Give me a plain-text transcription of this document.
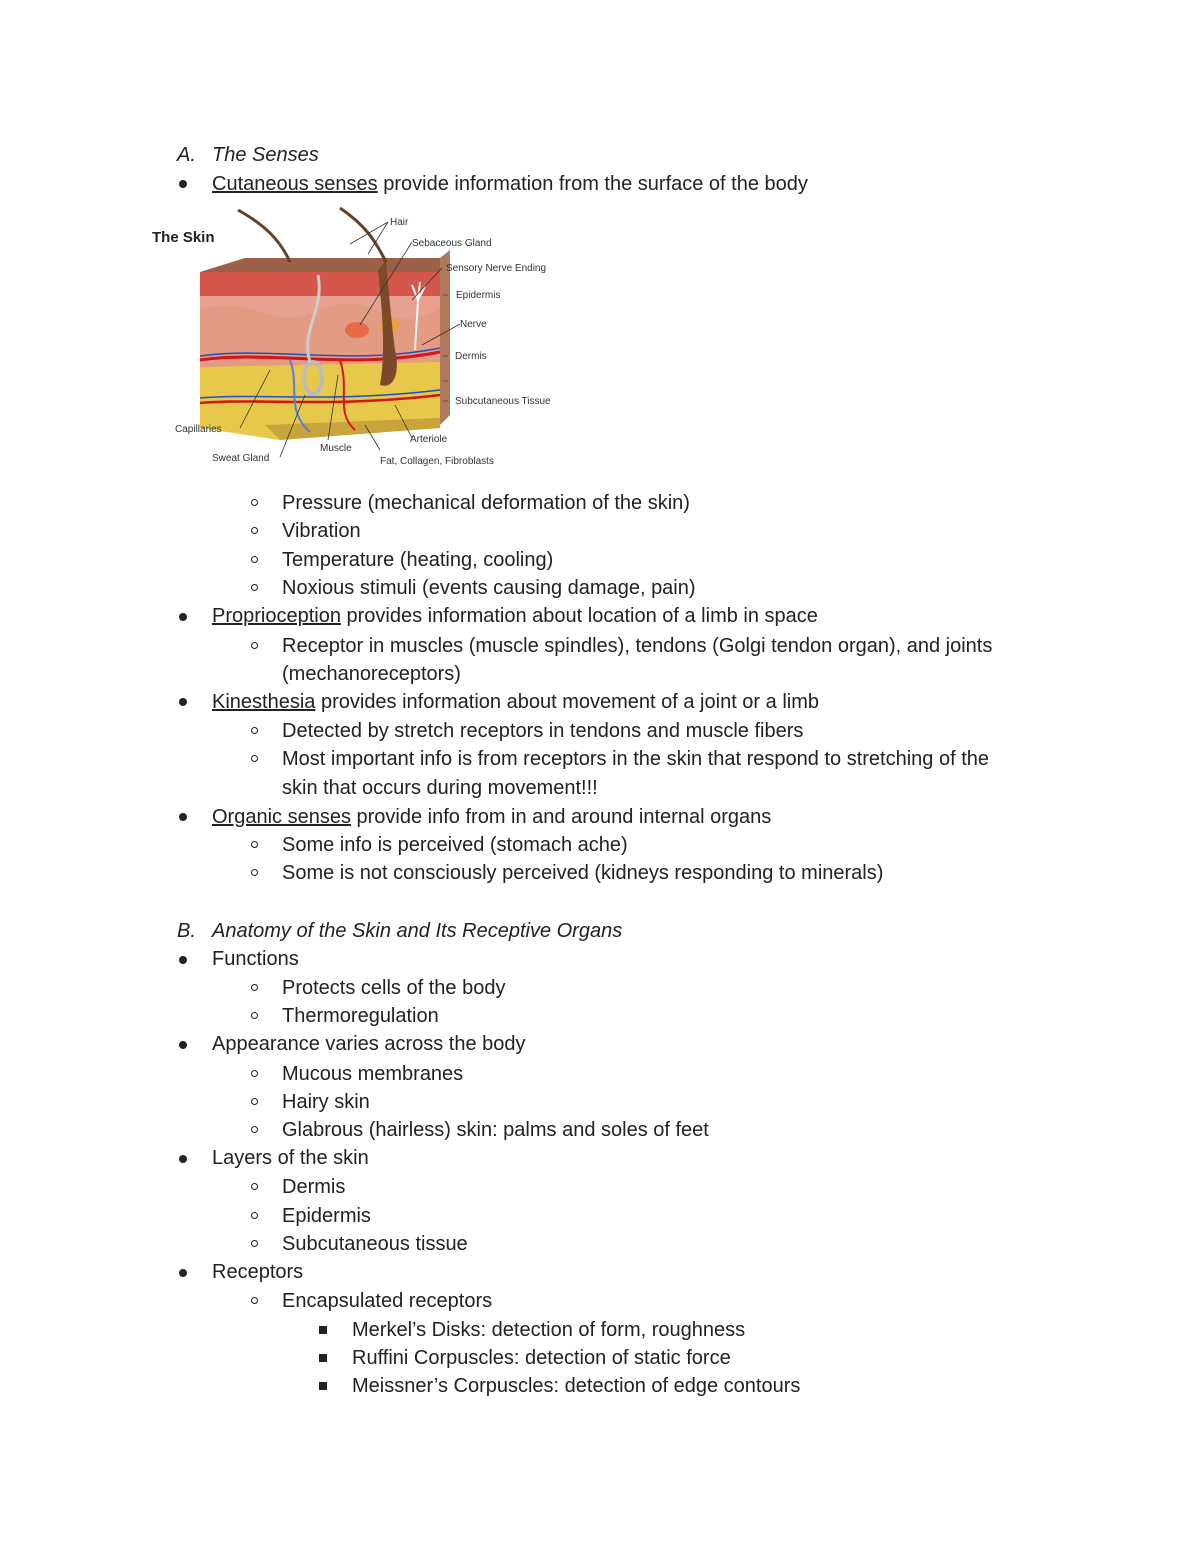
A. The Senses
Cutaneous senses provide information from the surface of the body
The Skin
Hair
Sebaceous Gland
Sensory Nerve Ending
Epidermis
Nerve
Dermis
Subcutaneous Tissue
Capillaries
Arteriole
Muscle
Sweat Gland	Fat, Collagen, Fibroblasts
Pressure (mechanical deformation of the skin)
Vibration
Temperature (heating, cooling)
Noxious stimuli (events causing damage, pain)
Proprioception provides information about location of a limb in space
Receptor in muscles (muscle spindles), tendons (Golgi tendon organ), and joints
(mechanoreceptors)
Kinesthesia provides information about movement of a joint or a limb
Detected by stretch receptors in tendons and muscle fibers
Most important info is from receptors in the skin that respond to stretching of the
skin that occurs during movement!!!
Organic senses provide info from in and around internal organs
Some info is perceived (stomach ache)
Some is not consciously perceived (kidneys responding to minerals)
B. Anatomy of the Skin and Its Receptive Organs
Functions
Protects cells of the body
Thermoregulation
Appearance varies across the body
Mucous membranes
Hairy skin
Glabrous (hairless) skin: palms and soles of feet
Layers of the skin
Dermis
Epidermis
Subcutaneous tissue
Receptors
Encapsulated receptors
Merkel’s Disks: detection of form, roughness
Ruffini Corpuscles: detection of static force
Meissner’s Corpuscles: detection of edge contours
